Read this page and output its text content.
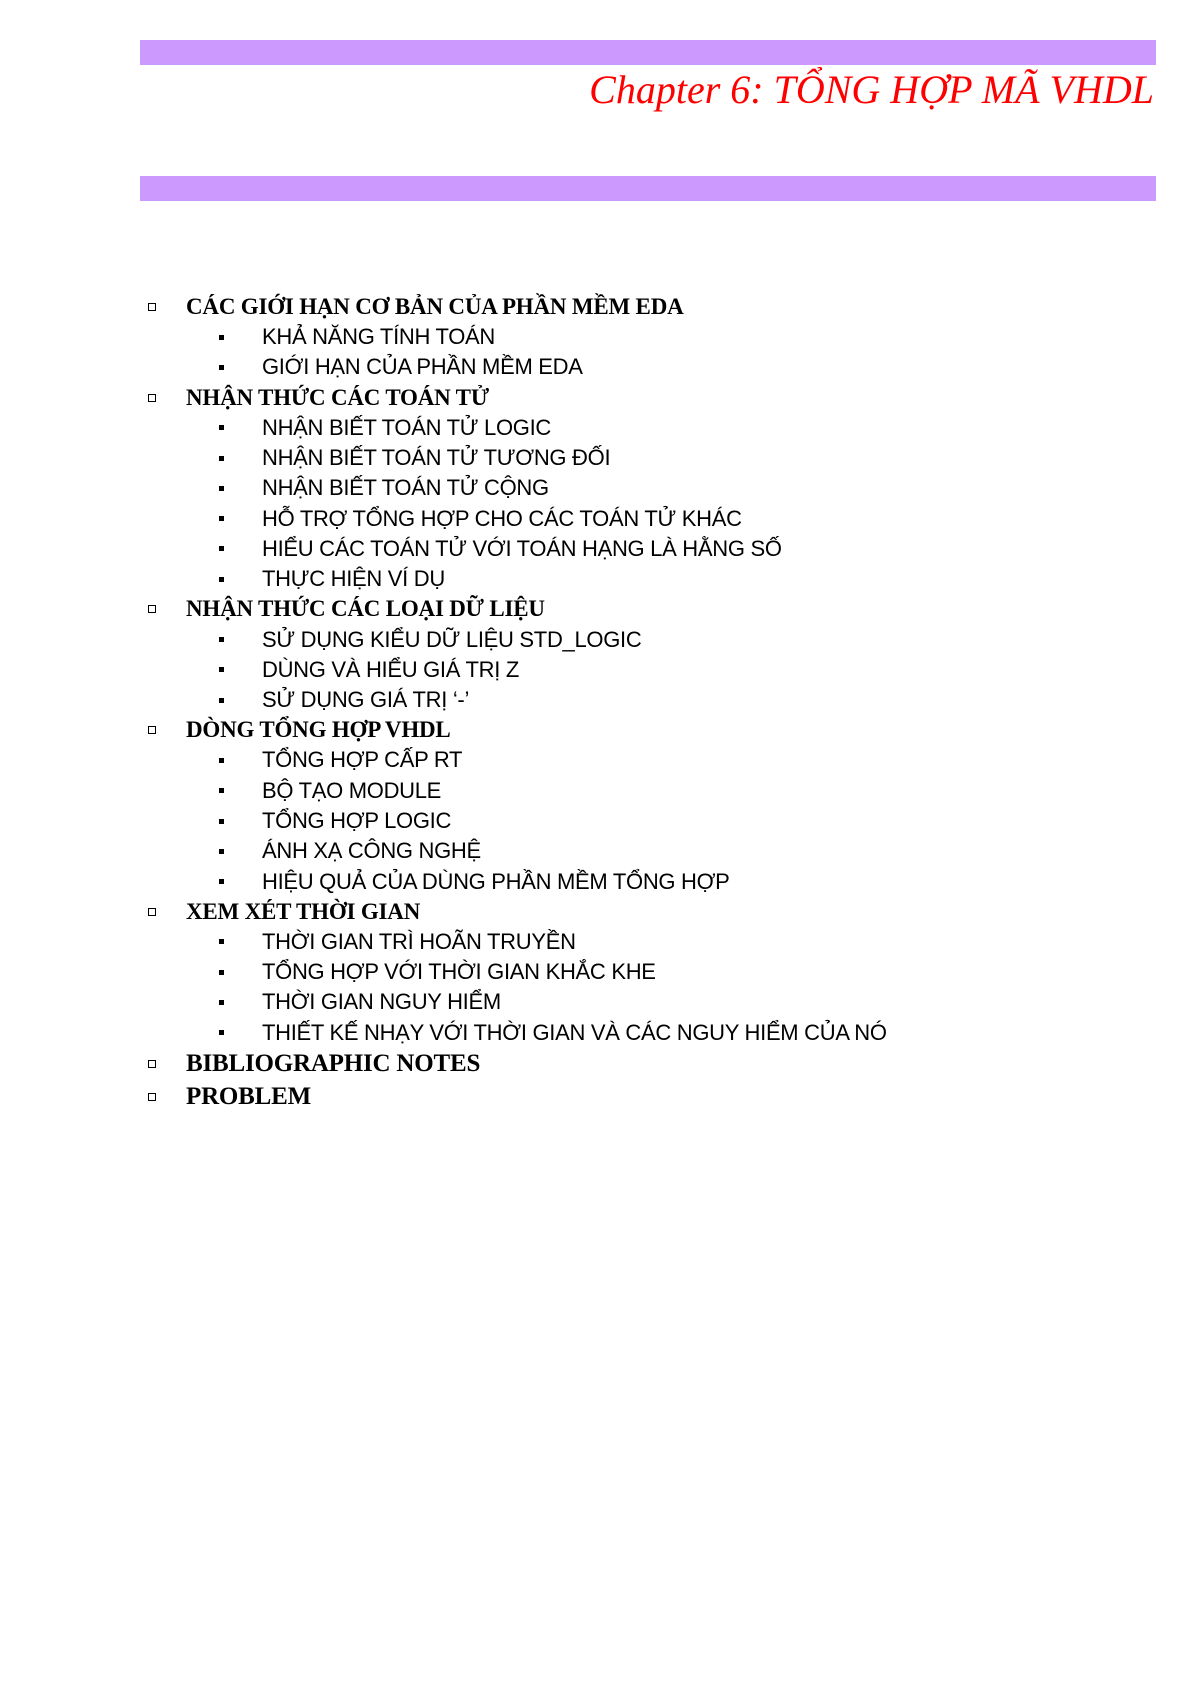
Chapter 6: TỔNG HỢP MÃ VHDL
CÁC GIỚI HẠN CƠ BẢN CỦA PHẦN MỀM EDA
KHẢ NĂNG TÍNH TOÁN
GIỚI HẠN CỦA PHẦN MỀM EDA
NHẬN THỨC CÁC TOÁN TỬ
NHẬN BIẾT TOÁN TỬ LOGIC
NHẬN BIẾT TOÁN TỬ TƯƠNG ĐỐI
NHẬN BIẾT TOÁN TỬ CỘNG
HỖ TRỢ TỔNG HỢP CHO CÁC TOÁN TỬ KHÁC
HIỂU CÁC TOÁN TỬ VỚI TOÁN HẠNG LÀ HẰNG SỐ
THỰC HIỆN VÍ DỤ
NHẬN THỨC CÁC LOẠI DỮ LIỆU
SỬ DỤNG KIỂU DỮ LIỆU STD_LOGIC
DÙNG VÀ HIỂU GIÁ TRỊ Z
SỬ DỤNG GIÁ TRỊ ‘-’
DÒNG TỔNG HỢP VHDL
TỔNG HỢP CẤP RT
BỘ TẠO MODULE
TỔNG HỢP LOGIC
ÁNH XẠ CÔNG NGHỆ
HIỆU QUẢ CỦA DÙNG PHẦN MỀM TỔNG HỢP
XEM XÉT THỜI GIAN
THỜI GIAN TRÌ HOÃN TRUYỀN
TỔNG HỢP VỚI THỜI GIAN KHẮC KHE
THỜI GIAN NGUY HIỂM
THIẾT KẾ NHẠY VỚI THỜI GIAN VÀ CÁC NGUY HIỂM CỦA NÓ
BIBLIOGRAPHIC NOTES
PROBLEM
